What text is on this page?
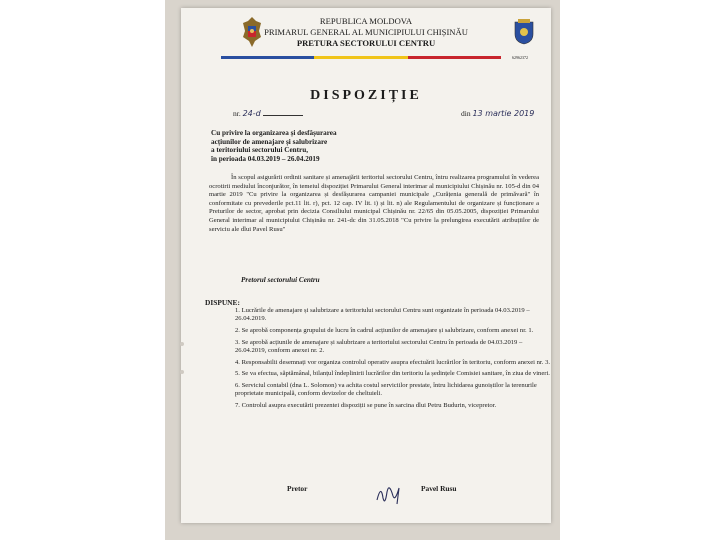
REPUBLICA MOLDOVA
PRIMARUL GENERAL AL MUNICIPIULUI CHIȘINĂU
PRETURA SECTORULUI CENTRU
62962372
DISPOZIȚIE
nr. 24-d	din 13 martie 2019
Cu privire la organizarea și desfășurarea
acțiunilor de amenajare și salubrizare
a teritoriului sectorului Centru,
în perioada 04.03.2019 – 26.04.2019
În scopul asigurării ordinii sanitare și amenajării teritoriul sectorului Centru, întru realizarea programului în vederea ocrotirii mediului înconjurător, în temeiul dispoziției Primarului General interimar al municipiului Chișinău nr. 105-d din 04 martie 2019 "Cu privire la organizarea și desfășurarea campaniei municipale „Curățenia generală de primăvară" în conformitate cu prevederile pct.11 lit. r), pct. 12 cap. IV lit. i) și lit. n) ale Regulamentului de organizare și funcționare a Preturilor de sector, aprobat prin decizia Consiliului municipal Chișinău nr. 22/65 din 05.05.2005, dispoziției Primarului General interimar al municipiului Chișinău nr. 241-dc din 31.05.2018 "Cu privire la prelungirea executării atribuțiilor de serviciu ale dlui Pavel Rusu"
Pretorul sectorului Centru
DISPUNE:
1. Lucrările de amenajare și salubrizare a teritoriului sectorului Centru sunt organizate în perioada 04.03.2019 – 26.04.2019.
2. Se aprobă componența grupului de lucru în cadrul acțiunilor de amenajare și salubrizare, conform anexei nr. 1.
3. Se aprobă acțiunile de amenajare și salubrizare a teritoriului sectorului Centru în perioada de 04.03.2019 – 26.04.2019, conform anexei nr. 2.
4. Responsabilii desemnați vor organiza controlul operativ asupra efectuării lucrărilor în teritoriu, conform anexei nr. 3.
5. Se va efectua, săptămânal, bilanțul îndeplinirii lucrărilor din teritoriu la ședințele Comisiei sanitare, în ziua de vineri.
6. Serviciul contabil (dna L. Solomon) va achita costul serviciilor prestate, întru lichidarea gunoiștilor la terenurile proprietate municipală, conform devizelor de cheltuieli.
7. Controlul asupra executării prezentei dispoziții se pune în sarcina dlui Petru Budurin, vicepretor.
Pretor	Pavel Rusu
